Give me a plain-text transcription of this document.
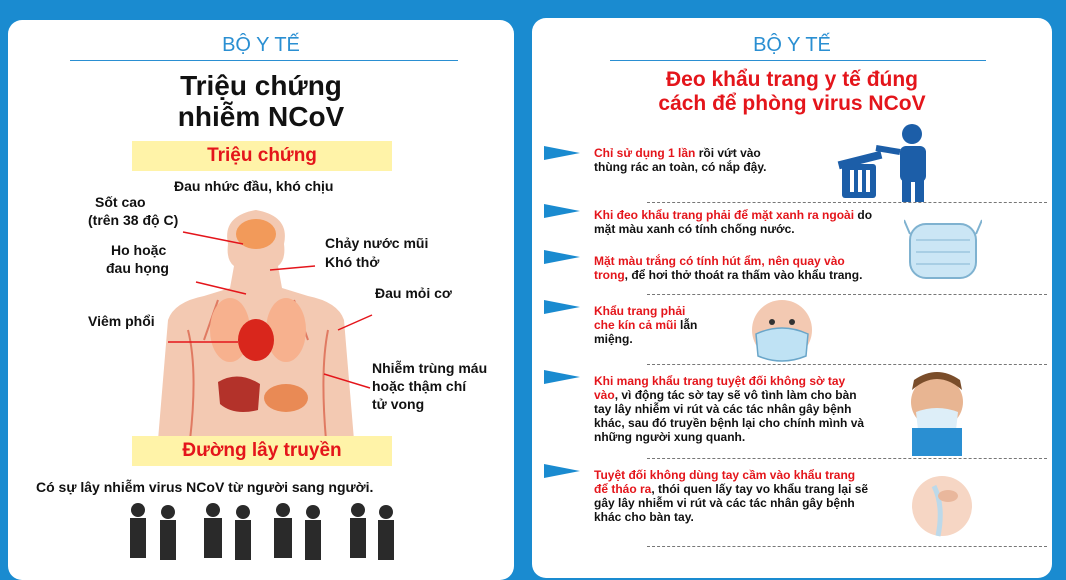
BỘ Y TẾ
Triệu chứng
nhiễm NCoV
Triệu chứng
Đau nhức đầu, khó chịu
Sốt cao
(trên 38 độ C)
Ho hoặc
đau họng
Chảy nước mũi
Khó thở
Đau mỏi cơ
Viêm phổi
Nhiễm trùng máu
hoặc thậm chí
tử vong
Đường lây truyền
Có sự lây nhiễm virus NCoV từ người sang người.
BỘ Y TẾ
Đeo khẩu trang y tế đúng
cách để phòng virus NCoV
Chỉ sử dụng 1 lần rồi vứt vào thùng rác an toàn, có nắp đậy.
Khi đeo khẩu trang phải để mặt xanh ra ngoài do mặt màu xanh có tính chống nước.
Mặt màu trắng có tính hút ẩm, nên quay vào trong, để hơi thở thoát ra thấm vào khẩu trang.
Khẩu trang phải che kín cả mũi lẫn miệng.
Khi mang khẩu trang tuyệt đối không sờ tay vào, vì động tác sờ tay sẽ vô tình làm cho bàn tay lây nhiễm vi rút và các tác nhân gây bệnh khác, sau đó truyền bệnh lại cho chính mình và những người xung quanh.
Tuyệt đối không dùng tay cầm vào khẩu trang để tháo ra, thói quen lấy tay vo khẩu trang lại sẽ gây lây nhiễm vi rút và các tác nhân gây bệnh khác cho bàn tay.
